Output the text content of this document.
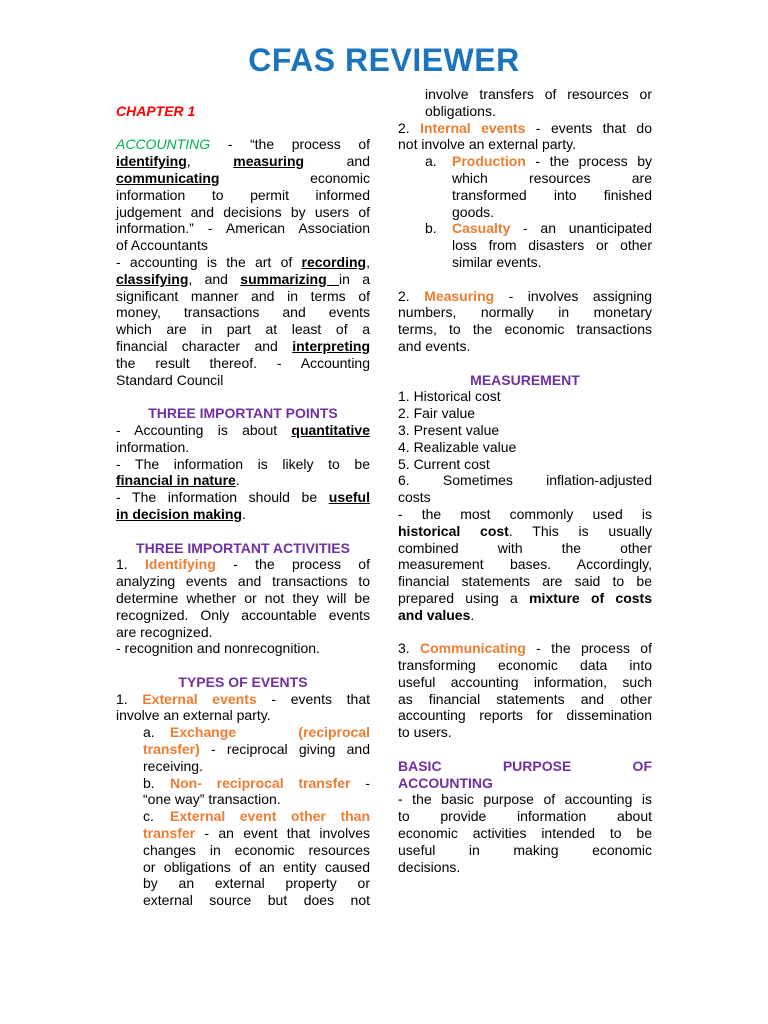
CFAS REVIEWER

CHAPTER 1

ACCOUNTING - “the process of

identifying,	measuring	and

communicating	economic

information to permit informed

judgement and decisions by users of

information.” - American Association

of Accountants

- accounting is the art of recording,

classifying, and summarizing in a

significant manner and in terms of

money, transactions and events

which are in part at least of a

financial character and interpreting

the result thereof. - Accounting

Standard Council

THREE IMPORTANT POINTS

- Accounting is about quantitative

information.

- The information is likely to be

financial in nature.

- The information should be useful

in decision making.

THREE IMPORTANT ACTIVITIES

1. Identifying - the process of

analyzing events and transactions to

determine whether or not they will be

recognized. Only accountable events

are recognized.

- recognition and nonrecognition.

TYPES OF EVENTS

1. External events - events that

involve an external party.

a.	Exchange	(reciprocal

transfer) - reciprocal giving and

receiving.

b.	Non- reciprocal transfer -

“one way” transaction.

c.	External event other than

transfer - an event that involves

changes in economic resources

or obligations of an entity caused

by an external property or

external source but does not

involve transfers of resources or

obligations.

2. Internal events - events that do

not involve an external party.

a.	Production - the process by

which resources are

transformed into finished

goods.

b.	Casualty - an unanticipated

loss from disasters or other

similar events.

2. Measuring - involves assigning

numbers, normally in monetary

terms, to the economic transactions

and events.

MEASUREMENT

1. Historical cost

2. Fair value

3. Present value

4. Realizable value

5. Current cost

6. Sometimes inflation-adjusted

costs

- the most commonly used is

historical cost. This is usually

combined with the other

measurement bases. Accordingly,

financial statements are said to be

prepared using a mixture of costs

and values.

3. Communicating - the process of

transforming economic data into

useful accounting information, such

as financial statements and other

accounting reports for dissemination

to users.

BASIC PURPOSE OF

ACCOUNTING

- the basic purpose of accounting is

to provide information about

economic activities intended to be

useful in making economic

decisions.
